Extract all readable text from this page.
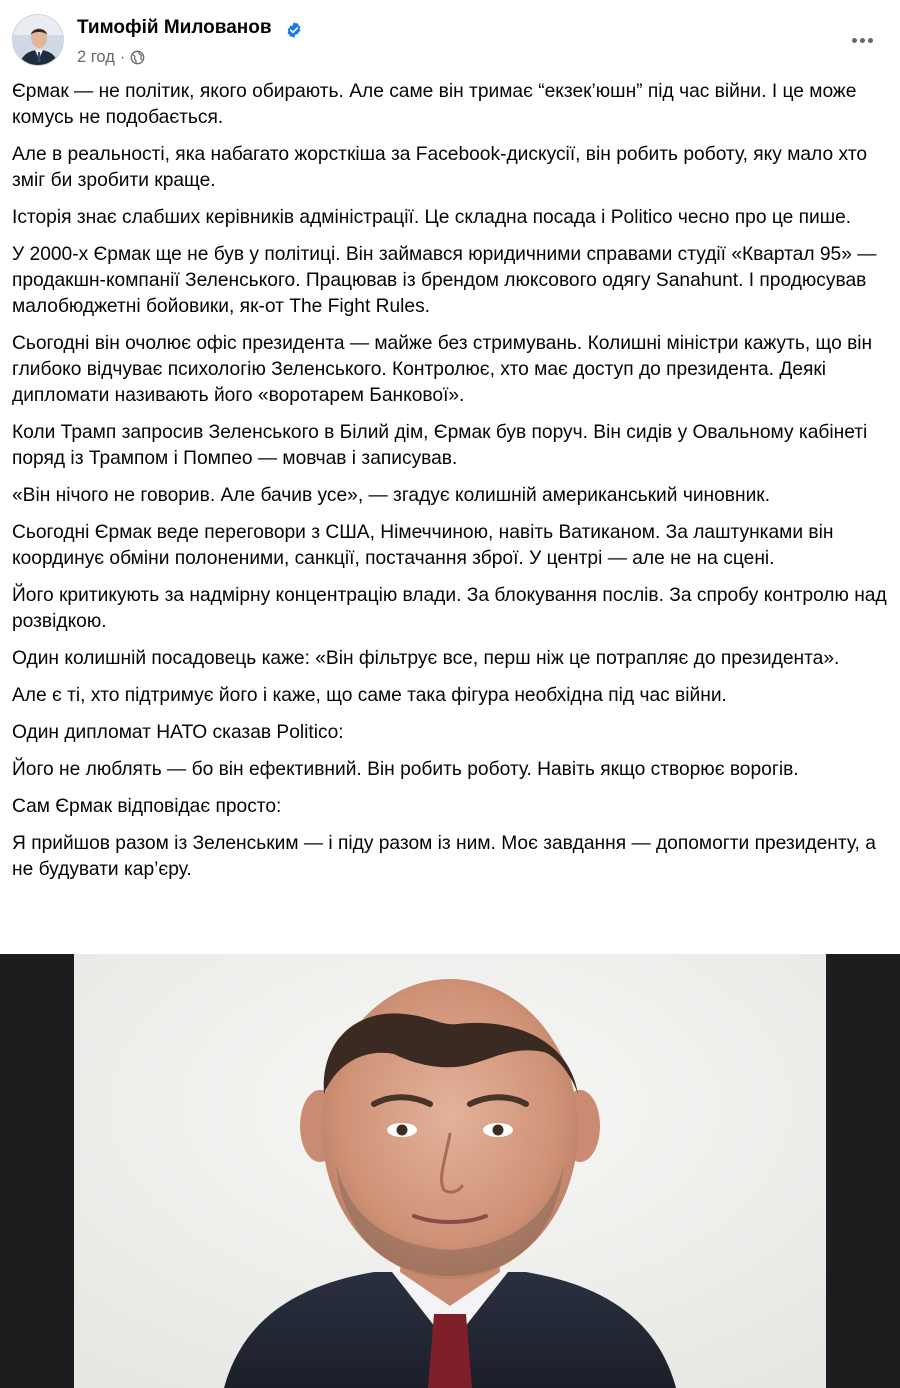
Тимофій Милованов
2 год ·

Єрмак — не політик, якого обирають. Але саме він тримає “екзек’юшн” під час війни. І це може комусь не подобається.

Але в реальності, яка набагато жорсткіша за Facebook-дискусії, він робить роботу, яку мало хто зміг би зробити краще.

Історія знає слабших керівників адміністрації. Це складна посада і Politico чесно про це пише.

У 2000-х Єрмак ще не був у політиці. Він займався юридичними справами студії «Квартал 95» — продакшн-компанії Зеленського. Працював із брендом люксового одягу Sanahunt. І продюсував малобюджетні бойовики, як-от The Fight Rules.

Сьогодні він очолює офіс президента — майже без стримувань. Колишні міністри кажуть, що він глибоко відчуває психологію Зеленського. Контролює, хто має доступ до президента. Деякі дипломати називають його «воротарем Банкової».

Коли Трамп запросив Зеленського в Білий дім, Єрмак був поруч. Він сидів у Овальному кабінеті поряд із Трампом і Помпео — мовчав і записував.

«Він нічого не говорив. Але бачив усе», — згадує колишній американський чиновник.

Сьогодні Єрмак веде переговори з США, Німеччиною, навіть Ватиканом. За лаштунками він координує обміни полоненими, санкції, постачання зброї. У центрі — але не на сцені.

Його критикують за надмірну концентрацію влади. За блокування послів. За спробу контролю над розвідкою.

Один колишній посадовець каже: «Він фільтрує все, перш ніж це потрапляє до президента».

Але є ті, хто підтримує його і каже, що саме така фігура необхідна під час війни.

Один дипломат НАТО сказав Politico:

Його не люблять — бо він ефективний. Він робить роботу. Навіть якщо створює ворогів.

Сам Єрмак відповідає просто:

Я прийшов разом із Зеленським — і піду разом із ним. Моє завдання — допомогти президенту, а не будувати кар’єру.
